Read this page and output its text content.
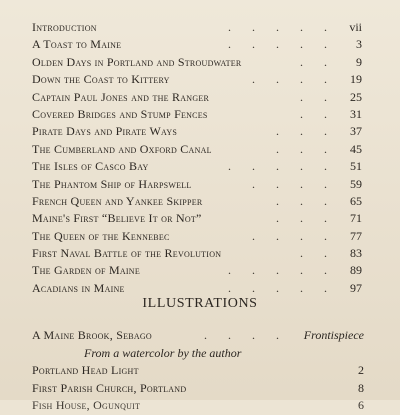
Introduction	. . . . . vii
A Toast to Maine	. . . . . 3
Olden Days in Portland and Stroudwater	. . 9
Down the Coast to Kittery	. . . . 19
Captain Paul Jones and the Ranger	. . 25
Covered Bridges and Stump Fences	. . 31
Pirate Days and Pirate Ways	. . . 37
The Cumberland and Oxford Canal	. . . 45
The Isles of Casco Bay	. . . . . 51
The Phantom Ship of Harpswell	. . . . 59
French Queen and Yankee Skipper	. . . 65
Maine's First “Believe It or Not”	. . . 71
The Queen of the Kennebec	. . . . 77
First Naval Battle of the Revolution	. . 83
The Garden of Maine	. . . . . 89
Acadians in Maine	. . . . . 97
ILLUSTRATIONS
A Maine Brook, Sebago	. . . . Frontispiece
From a watercolor by the author
Portland Head Light	2
First Parish Church, Portland	8
Fish House, Ogunquit	6
